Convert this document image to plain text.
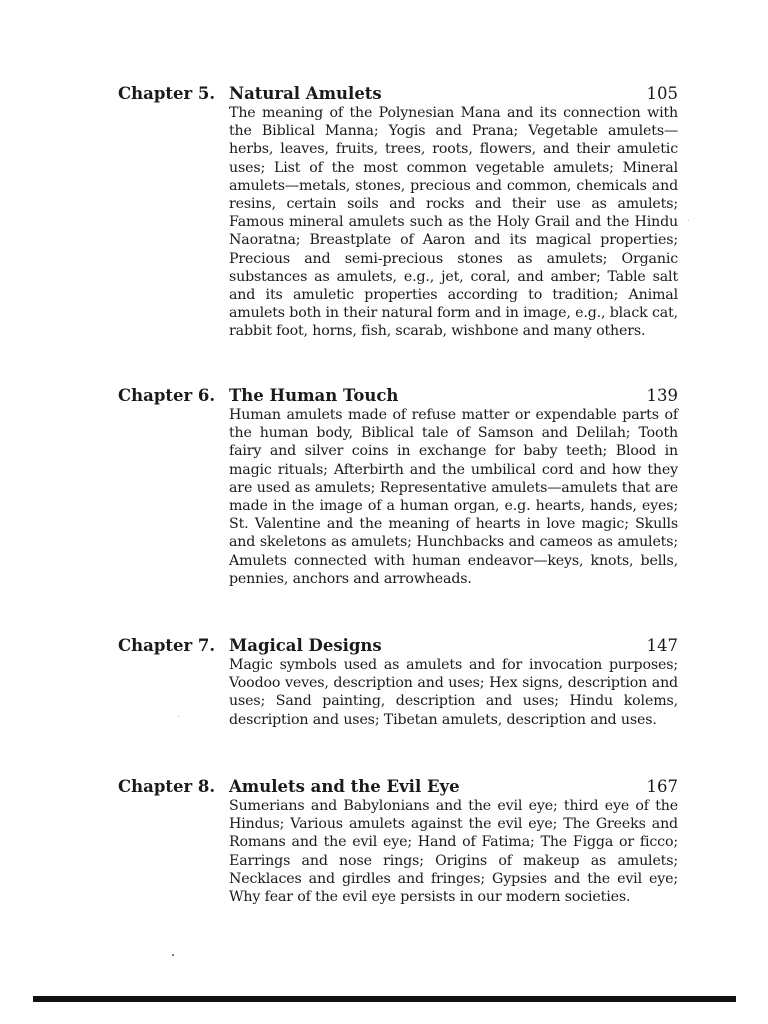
Chapter 5. Natural Amulets	105

The meaning of the Polynesian Mana and its connection with the Biblical Manna; Yogis and Prana; Vegetable amulets—herbs, leaves, fruits, trees, roots, flowers, and their amuletic uses; List of the most common vegetable amulets; Mineral amulets—metals, stones, precious and common, chemicals and resins, certain soils and rocks and their use as amulets; Famous mineral amulets such as the Holy Grail and the Hindu Naoratna; Breastplate of Aaron and its magical properties; Precious and semi-precious stones as amulets; Organic substances as amulets, e.g., jet, coral, and amber; Table salt and its amuletic properties according to tradition; Animal amulets both in their natural form and in image, e.g., black cat, rabbit foot, horns, fish, scarab, wishbone and many others.

Chapter 6. The Human Touch	139

Human amulets made of refuse matter or expendable parts of the human body, Biblical tale of Samson and Delilah; Tooth fairy and silver coins in exchange for baby teeth; Blood in magic rituals; Afterbirth and the umbilical cord and how they are used as amulets; Representative amulets—amulets that are made in the image of a human organ, e.g. hearts, hands, eyes; St. Valentine and the meaning of hearts in love magic; Skulls and skeletons as amulets; Hunchbacks and cameos as amulets; Amulets connected with human endeavor—keys, knots, bells, pennies, anchors and arrowheads.

Chapter 7. Magical Designs	147

Magic symbols used as amulets and for invocation purposes; Voodoo veves, description and uses; Hex signs, description and uses; Sand painting, description and uses; Hindu kolems, description and uses; Tibetan amulets, description and uses.

Chapter 8. Amulets and the Evil Eye	167

Sumerians and Babylonians and the evil eye; third eye of the Hindus; Various amulets against the evil eye; The Greeks and Romans and the evil eye; Hand of Fatima; The Figga or ficco; Earrings and nose rings; Origins of makeup as amulets; Necklaces and girdles and fringes; Gypsies and the evil eye; Why fear of the evil eye persists in our modern societies.
